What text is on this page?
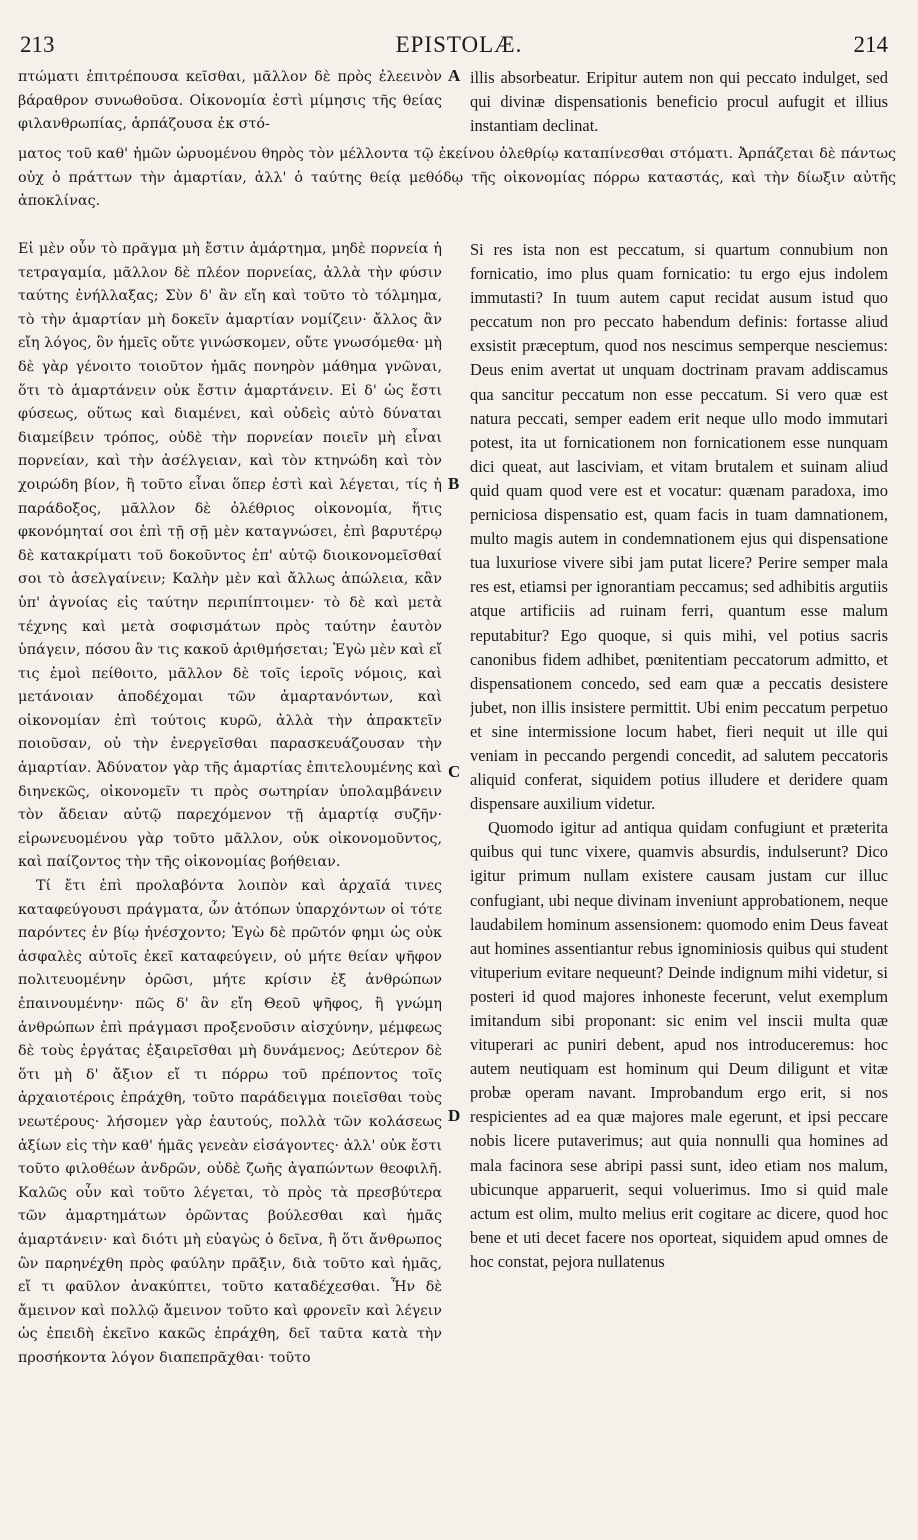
213	EPISTOLÆ.	214

πτώματι ἐπιτρέπουσα κεῖσθαι, μᾶλλον δὲ πρὸς ἐλεεινὸν βάραθρον συνωθοῦσα. Οἰκονομία ἐστὶ μίμησις τῆς θείας φιλανθρωπίας, ἁρπάζουσα ἐκ στό-

illis absorbeatur. Eripitur autem non qui peccato indulget, sed qui divinæ dispensationis beneficio procul aufugit et illius instantiam declinat.

ματος τοῦ καθ' ἡμῶν ὠρυομένου θηρὸς τὸν μέλλοντα τῷ ἐκείνου ὀλεθρίῳ καταπίνεσθαι στόματι. Ἀρπάζεται δὲ πάντως οὐχ ὁ πράττων τὴν ἁμαρτίαν, ἀλλ' ὁ ταύτης θείᾳ μεθόδῳ τῆς οἰκονομίας πόρρω καταστάς, καὶ τὴν δίωξιν αὐτῆς ἀποκλίνας.

Εἰ μὲν οὖν τὸ πρᾶγμα μὴ ἔστιν ἁμάρτημα, μηδὲ πορνεία ἡ τετραγαμία, μᾶλλον δὲ πλέον πορνείας, ἀλλὰ τὴν φύσιν ταύτης ἐνήλλαξας; Σὺν δ' ἂν εἴη καὶ τοῦτο τὸ τόλμημα, τὸ τὴν ἁμαρτίαν μὴ δοκεῖν ἁμαρτίαν νομίζειν· ἄλλος ἂν εἴη λόγος, ὃν ἡμεῖς οὔτε γινώσκομεν, οὔτε γνωσόμεθα· μὴ δὲ γὰρ γένοιτο τοιοῦτον ἡμᾶς πονηρὸν μάθημα γνῶναι, ὅτι τὸ ἁμαρτάνειν οὐκ ἔστιν ἁμαρτάνειν. Εἰ δ' ὡς ἔστι φύσεως, οὕτως καὶ διαμένει, καὶ οὐδεὶς αὐτὸ δύναται διαμείβειν τρόπος, οὐδὲ τὴν πορνείαν ποιεῖν μὴ εἶναι πορνείαν, καὶ τὴν ἀσέλγειαν, καὶ τὸν κτηνώδη καὶ τὸν χοιρώδη βίον, ἢ τοῦτο εἶναι ὅπερ ἐστὶ καὶ λέγεται, τίς ἡ παράδοξος, μᾶλλον δὲ ὀλέθριος οἰκονομία, ἥτις φκονόμηταί σοι ἐπὶ τῇ σῇ μὲν καταγνώσει, ἐπὶ βαρυτέρῳ δὲ κατακρίματι τοῦ δοκοῦντος ἐπ' αὐτῷ διοικονομεῖσθαί σοι τὸ ἀσελγαίνειν; Καλὴν μὲν καὶ ἄλλως ἀπώλεια, κἂν ὑπ' ἀγνοίας εἰς ταύτην περιπίπτοιμεν· τὸ δὲ καὶ μετὰ τέχνης καὶ μετὰ σοφισμάτων πρὸς ταύτην ἑαυτὸν ὑπάγειν, πόσου ἂν τις κακοῦ ἀριθμήσεται; Ἐγὼ μὲν καὶ εἴ τις ἐμοὶ πείθοιτο, μᾶλλον δὲ τοῖς ἱεροῖς νόμοις, καὶ μετάνοιαν ἀποδέχομαι τῶν ἁμαρτανόντων, καὶ οἰκονομίαν ἐπὶ τούτοις κυρῶ, ἀλλὰ τὴν ἀπρακτεῖν ποιοῦσαν, οὐ τὴν ἐνεργεῖσθαι παρασκευάζουσαν τὴν ἁμαρτίαν. Ἀδύνατον γὰρ τῆς ἁμαρτίας ἐπιτελουμένης καὶ διηνεκῶς, οἰκονομεῖν τι πρὸς σωτηρίαν ὑπολαμβάνειν τὸν ἄδειαν αὐτῷ παρεχόμενον τῇ ἁμαρτίᾳ συζῆν· εἰρωνευομένου γὰρ τοῦτο μᾶλλον, οὐκ οἰκονομοῦντος, καὶ παίζοντος τὴν τῆς οἰκονομίας βοήθειαν.

Τί ἔτι ἐπὶ προλαβόντα λοιπὸν καὶ ἀρχαῖά τινες καταφεύγουσι πράγματα, ὧν ἀτόπων ὑπαρχόντων οἱ τότε παρόντες ἐν βίῳ ἠνέσχοντο; Ἐγὼ δὲ πρῶτόν φημι ὡς οὐκ ἀσφαλὲς αὐτοῖς ἐκεῖ καταφεύγειν, οὐ μήτε θείαν ψῆφον πολιτευομένην ὁρῶσι, μήτε κρίσιν ἐξ ἀνθρώπων ἐπαινουμένην· πῶς δ' ἂν εἴη Θεοῦ ψῆφος, ἢ γνώμη ἀνθρώπων ἐπὶ πράγμασι προξενοῦσιν αἰσχύνην, μέμφεως δὲ τοὺς ἐργάτας ἐξαιρεῖσθαι μὴ δυνάμενος; Δεύτερον δὲ ὅτι μὴ δ' ἄξιον εἴ τι πόρρω τοῦ πρέποντος τοῖς ἀρχαιοτέροις ἐπράχθη, τοῦτο παράδειγμα ποιεῖσθαι τοὺς νεωτέρους· λήσομεν γὰρ ἑαυτούς, πολλὰ τῶν κολάσεως ἀξίων εἰς τὴν καθ' ἡμᾶς γενεὰν εἰσάγοντες· ἀλλ' οὐκ ἔστι τοῦτο φιλοθέων ἀνδρῶν, οὐδὲ ζωῆς ἀγαπώντων θεοφιλῆ. Καλῶς οὖν καὶ τοῦτο λέγεται, τὸ πρὸς τὰ πρεσβύτερα τῶν ἁμαρτημάτων ὁρῶντας βούλεσθαι καὶ ἡμᾶς ἁμαρτάνειν· καὶ διότι μὴ εὐαγὼς ὁ δεῖνα, ἢ ὅτι ἄνθρωπος ὢν παρηνέχθη πρὸς φαύλην πρᾶξιν, διὰ τοῦτο καὶ ἡμᾶς, εἴ τι φαῦλον ἀνακύπτει, τοῦτο καταδέχεσθαι. Ἦν δὲ ἄμεινον καὶ πολλῷ ἄμεινον τοῦτο καὶ φρονεῖν καὶ λέγειν ὡς ἐπειδὴ ἐκεῖνο κακῶς ἐπράχθη, δεῖ ταῦτα κατὰ τὴν προσήκοντα λόγον διαπεπρᾶχθαι· τοῦτο

Si res ista non est peccatum, si quartum connubium non fornicatio, imo plus quam fornicatio: tu ergo ejus indolem immutasti? In tuum autem caput recidat ausum istud quo peccatum non pro peccato habendum definis: fortasse aliud exsistit præceptum, quod nos nescimus semperque nesciemus: Deus enim avertat ut unquam doctrinam pravam addiscamus qua sancitur peccatum non esse peccatum. Si vero quæ est natura peccati, semper eadem erit neque ullo modo immutari potest, ita ut fornicationem non fornicationem esse nunquam dici queat, aut lasciviam, et vitam brutalem et suinam aliud quid quam quod vere est et vocatur: quænam paradoxa, imo perniciosa dispensatio est, quam facis in tuam damnationem, multo magis autem in condemnationem ejus qui dispensatione tua luxuriose vivere sibi jam putat licere? Perire semper mala res est, etiamsi per ignorantiam peccamus; sed adhibitis argutiis atque artificiis ad ruinam ferri, quantum esse malum reputabitur? Ego quoque, si quis mihi, vel potius sacris canonibus fidem adhibet, pœnitentiam peccatorum admitto, et dispensationem concedo, sed eam quæ a peccatis desistere jubet, non illis insistere permittit. Ubi enim peccatum perpetuo et sine intermissione locum habet, fieri nequit ut ille qui veniam in peccando pergendi concedit, ad salutem peccatoris aliquid conferat, siquidem potius illudere et deridere quam dispensare auxilium videtur.

Quomodo igitur ad antiqua quidam confugiunt et præterita quibus qui tunc vixere, quamvis absurdis, indulserunt? Dico igitur primum nullam existere causam justam cur illuc confugiant, ubi neque divinam inveniunt approbationem, neque laudabilem hominum assensionem: quomodo enim Deus faveat aut homines assentiantur rebus ignominiosis quibus qui student vituperium evitare nequeunt? Deinde indignum mihi videtur, si posteri id quod majores inhoneste fecerunt, velut exemplum imitandum sibi proponant: sic enim vel inscii multa quæ vituperari ac puniri debent, apud nos introduceremus: hoc autem neutiquam est hominum qui Deum diligunt et vitæ probæ operam navant. Improbandum ergo erit, si nos respicientes ad ea quæ majores male egerunt, et ipsi peccare nobis licere putaverimus; aut quia nonnulli qua homines ad mala facinora sese abripi passi sunt, ideo etiam nos malum, ubicunque apparuerit, sequi voluerimus. Imo si quid male actum est olim, multo melius erit cogitare ac dicere, quod hoc bene et uti decet facere nos oporteat, siquidem apud omnes de hoc constat, pejora nullatenus

A
B
C
D
